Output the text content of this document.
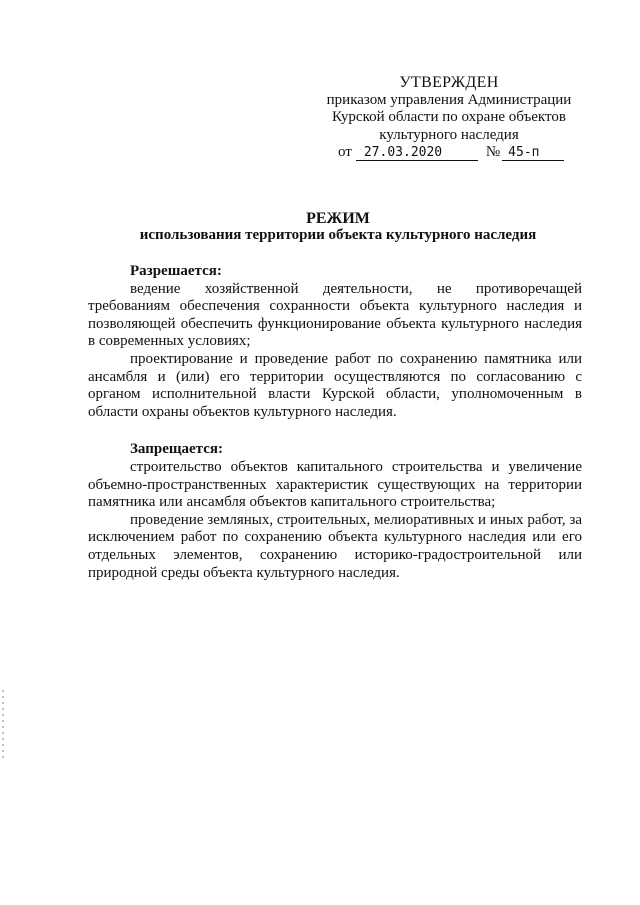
УТВЕРЖДЕН
приказом управления Администрации
Курской области по охране объектов
культурного наследия
от 27.03.2020	№ 45-п
РЕЖИМ
использования территории объекта культурного наследия

Разрешается:

ведение хозяйственной деятельности, не противоречащей требованиям обеспечения сохранности объекта культурного наследия и позволяющей обеспечить функционирование объекта культурного наследия в современных условиях;

проектирование и проведение работ по сохранению памятника или ансамбля и (или) его территории осуществляются по согласованию с органом исполнительной власти Курской области, уполномоченным в области охраны объектов культурного наследия.

Запрещается:

строительство объектов капитального строительства и увеличение объемно-пространственных характеристик существующих на территории памятника или ансамбля объектов капитального строительства;

проведение земляных, строительных, мелиоративных и иных работ, за исключением работ по сохранению объекта культурного наследия или его отдельных элементов, сохранению историко-градостроительной или природной среды объекта культурного наследия.
